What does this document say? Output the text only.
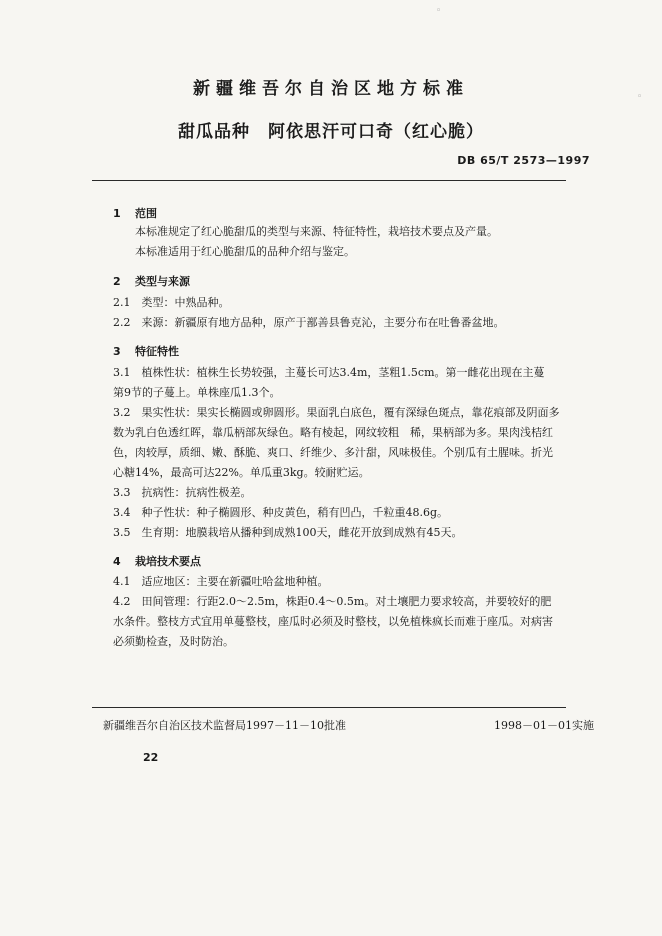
◦
◦
新疆维吾尔自治区地方标准
甜瓜品种　阿依思汗可口奇（红心脆）
DB 65/T 2573—1997
1 范围
本标准规定了红心脆甜瓜的类型与来源、特征特性，栽培技术要点及产量。
本标准适用于红心脆甜瓜的品种介绍与鉴定。
2 类型与来源
2.1　类型：中熟品种。
2.2　来源：新疆原有地方品种，原产于鄯善县鲁克沁，主要分布在吐鲁番盆地。
3 特征特性
3.1　植株性状：植株生长势较强，主蔓长可达3.4m，茎粗1.5cm。第一雌花出现在主蔓
第9节的子蔓上。单株座瓜1.3个。
3.2　果实性状：果实长椭圆或卵圆形。果面乳白底色，覆有深绿色斑点，靠花痕部及阴面多
数为乳白色透红晖，靠瓜柄部灰绿色。略有棱起，网纹较粗　稀，果柄部为多。果肉浅桔红
色，肉较厚，质细、嫩、酥脆、爽口、纤维少、多汁甜，风味极佳。个别瓜有土腥味。折光
心糖14%，最高可达22%。单瓜重3kg。较耐贮运。
3.3　抗病性：抗病性极差。
3.4　种子性状：种子椭圆形、种皮黄色，稍有凹凸，千粒重48.6g。
3.5　生育期：地膜栽培从播种到成熟100天，雌花开放到成熟有45天。
4 栽培技术要点
4.1　适应地区：主要在新疆吐哈盆地种植。
4.2　田间管理：行距2.0～2.5m，株距0.4～0.5m。对土壤肥力要求较高，并要较好的肥
水条件。整枝方式宜用单蔓整枝，座瓜时必须及时整枝，以免植株疯长而难于座瓜。对病害
必须勤检查，及时防治。
新疆维吾尔自治区技术监督局1997－11－10批准	1998－01－01实施
22
